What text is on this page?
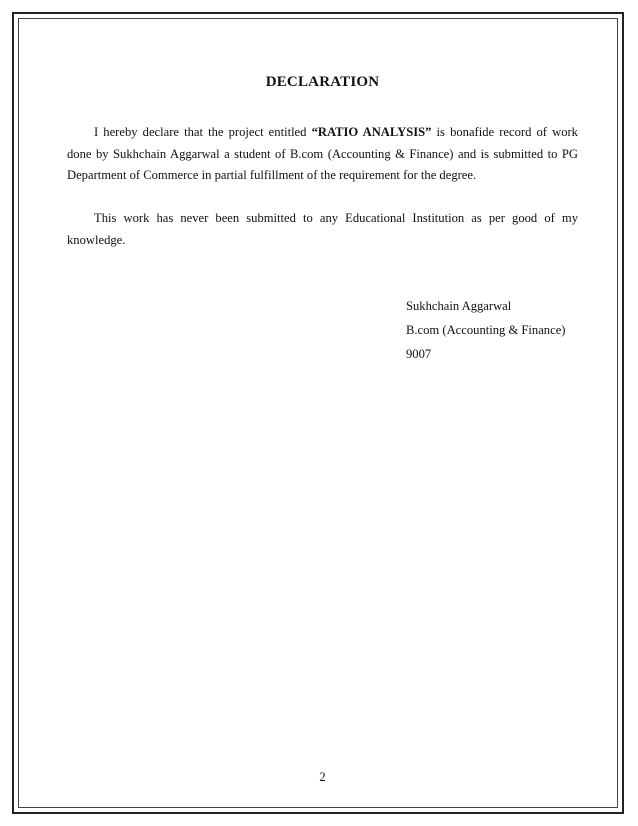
DECLARATION
I hereby declare that the project entitled “RATIO ANALYSIS” is bonafide record of work done by Sukhchain Aggarwal a student of B.com (Accounting & Finance) and is submitted to PG Department of Commerce in partial fulfillment of the requirement for the degree.
This work has never been submitted to any Educational Institution as per good of my knowledge.
Sukhchain Aggarwal
B.com (Accounting & Finance)
9007
2
